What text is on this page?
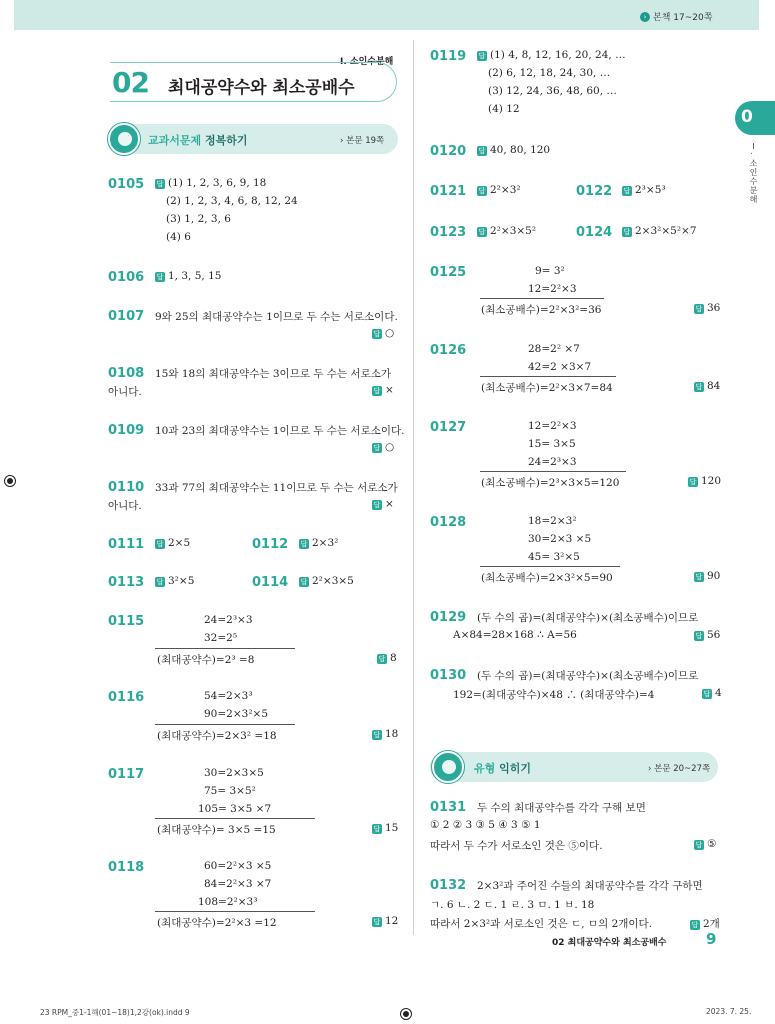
› 본책 17~20쪽
0
Ⅰ. 소인수분해
Ⅰ. 소인수분해
02 최대공약수와 최소공배수
교과서문제 정복하기	› 본문 19쪽
0105 답 (1) 1, 2, 3, 6, 9, 18
(2) 1, 2, 3, 4, 6, 8, 12, 24
(3) 1, 2, 3, 6
(4) 6
0106 답 1, 3, 5, 15
0107 9와 25의 최대공약수는 1이므로 두 수는 서로소이다.
답 ○
0108 15와 18의 최대공약수는 3이므로 두 수는 서로소가
아니다.	답 ×
0109 10과 23의 최대공약수는 1이므로 두 수는 서로소이다.
답 ○
0110 33과 77의 최대공약수는 11이므로 두 수는 서로소가
아니다.	답 ×
0111 답 2×5	0112 답 2×3²
0113 답 3²×5	0114 답 2²×3×5
0115	24=2³×3
32=2⁵
(최대공약수)=2³ =8	답 8
0116	54=2×3³
90=2×3²×5
(최대공약수)=2×3² =18	답 18
0117	30=2×3×5
75= 3×5²
105= 3×5 ×7
(최대공약수)= 3×5 =15	답 15
0118	60=2²×3 ×5
84=2²×3 ×7
108=2²×3³
(최대공약수)=2²×3 =12	답 12
0119 답 (1) 4, 8, 12, 16, 20, 24, …
(2) 6, 12, 18, 24, 30, …
(3) 12, 24, 36, 48, 60, …
(4) 12
0120 답 40, 80, 120
0121 답 2²×3²	0122 답 2³×5³
0123 답 2²×3×5²	0124 답 2×3²×5²×7
0125	9= 3²
12=2²×3
(최소공배수)=2²×3²=36	답 36
0126	28=2² ×7
42=2 ×3×7
(최소공배수)=2²×3×7=84	답 84
0127	12=2²×3
15= 3×5
24=2³×3
(최소공배수)=2³×3×5=120	답 120
0128	18=2×3²
30=2×3 ×5
45= 3²×5
(최소공배수)=2×3²×5=90	답 90
0129 (두 수의 곱)=(최대공약수)×(최소공배수)이므로
A×84=28×168 ∴ A=56	답 56
0130 (두 수의 곱)=(최대공약수)×(최소공배수)이므로
192=(최대공약수)×48 ∴ (최대공약수)=4	답 4
유형 익히기	› 본문 20~27쪽
0131 두 수의 최대공약수를 각각 구해 보면
① 2 ② 3 ③ 5 ④ 3 ⑤ 1
따라서 두 수가 서로소인 것은 ⑤이다.	답 ⑤
0132 2×3²과 주어진 수들의 최대공약수를 각각 구하면
ㄱ. 6 ㄴ. 2 ㄷ. 1 ㄹ. 3 ㅁ. 1 ㅂ. 18
따라서 2×3²과 서로소인 것은 ㄷ, ㅁ의 2개이다.	답 2개
02 최대공약수와 최소공배수	9
23 RPM_중1-1해(01~18)1,2강(ok).indd 9	2023. 7. 25.
